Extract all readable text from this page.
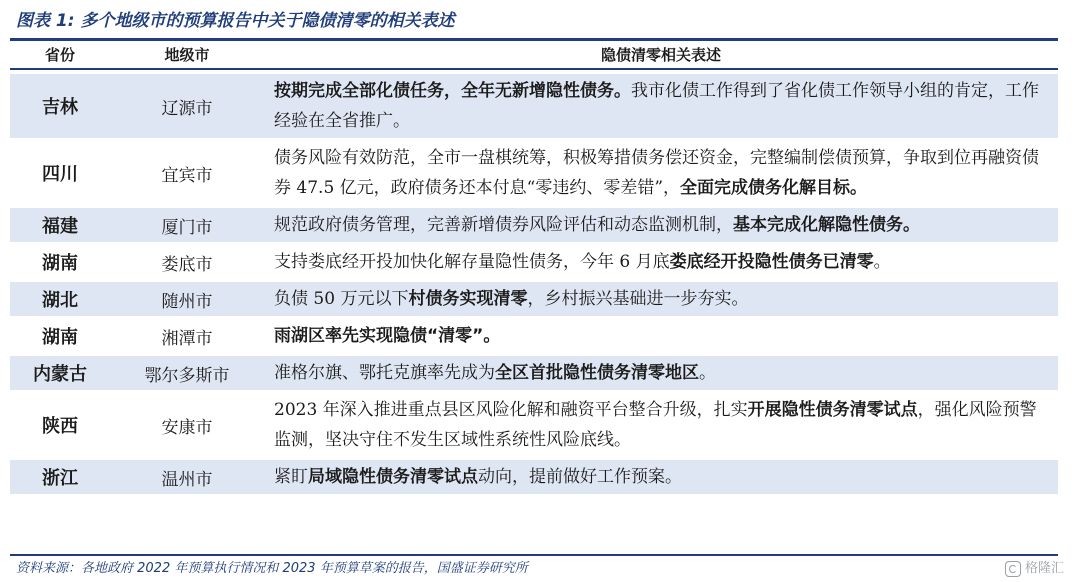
图表 1: 多个地级市的预算报告中关于隐债清零的相关表述
省份	地级市	隐债清零相关表述
吉林	辽源市	按期完成全部化债任务，全年无新增隐性债务。我市化债工作得到了省化债工作领导小组的肯定，工作经验在全省推广。
四川	宜宾市	债务风险有效防范，全市一盘棋统筹，积极筹措债务偿还资金，完整编制偿债预算，争取到位再融资债券 47.5 亿元，政府债务还本付息“零违约、零差错”，全面完成债务化解目标。
福建	厦门市	规范政府债务管理，完善新增债券风险评估和动态监测机制，基本完成化解隐性债务。
湖南	娄底市	支持娄底经开投加快化解存量隐性债务，今年 6 月底娄底经开投隐性债务已清零。
湖北	随州市	负债 50 万元以下村债务实现清零，乡村振兴基础进一步夯实。
湖南	湘潭市	雨湖区率先实现隐债“清零”。
内蒙古	鄂尔多斯市	准格尔旗、鄂托克旗率先成为全区首批隐性债务清零地区。
陕西	安康市	2023 年深入推进重点县区风险化解和融资平台整合升级，扎实开展隐性债务清零试点，强化风险预警监测，坚决守住不发生区域性系统性风险底线。
浙江	温州市	紧盯局域隐性债务清零试点动向，提前做好工作预案。
资料来源：各地政府 2022 年预算执行情况和 2023 年预算草案的报告，国盛证券研究所	格隆汇
